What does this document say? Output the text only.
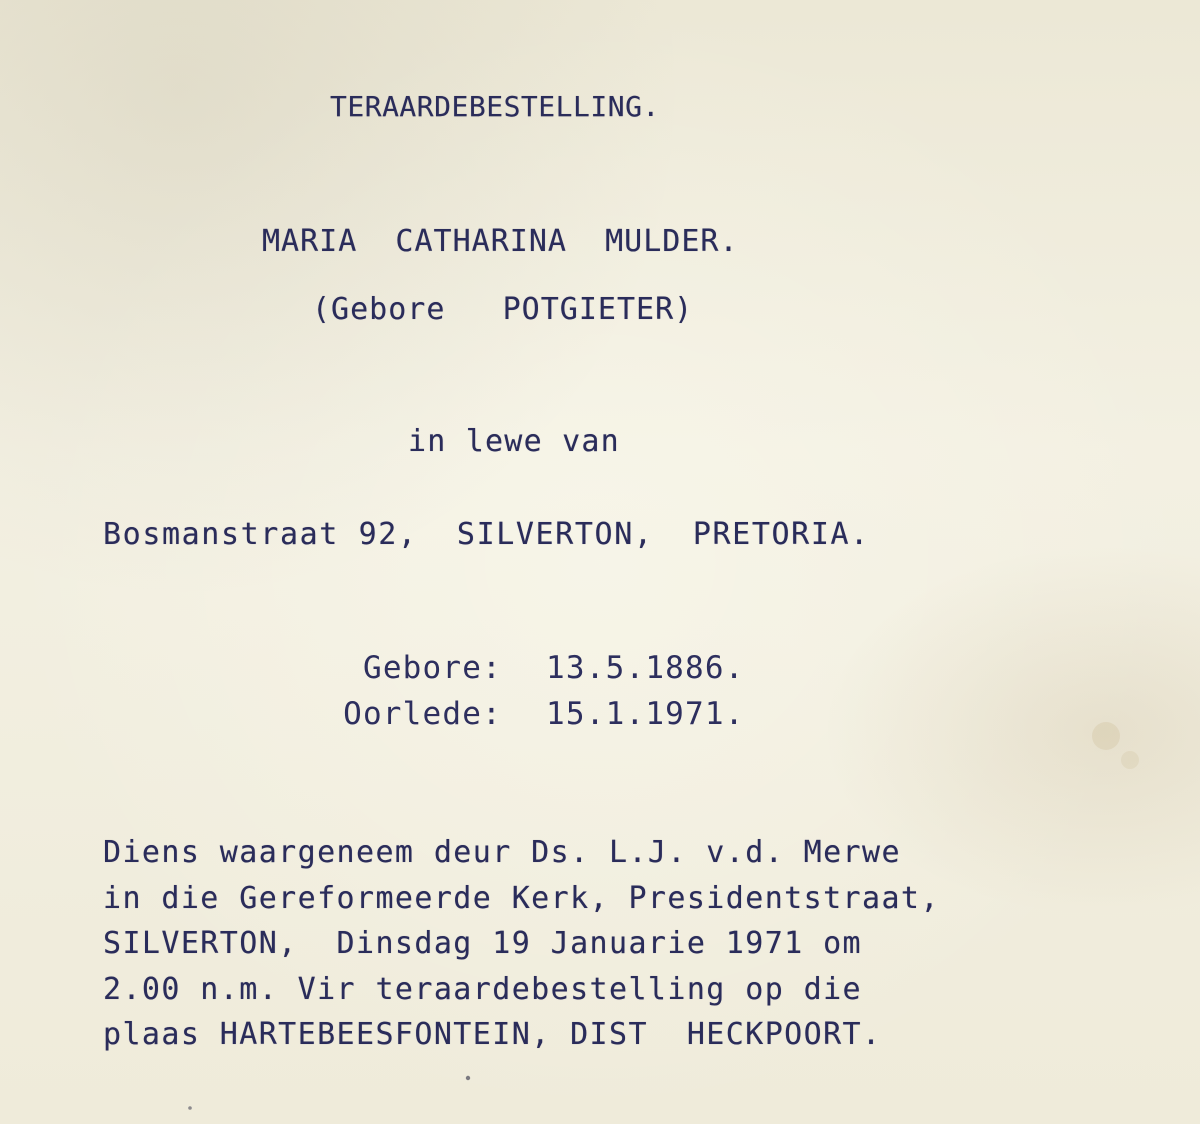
TERAARDEBESTELLING.
MARIA  CATHARINA  MULDER.
(Gebore   POTGIETER)
in lewe van
Bosmanstraat 92,  SILVERTON,  PRETORIA.
Gebore: 13.5.1886.
Oorlede: 15.1.1971.
Diens waargeneem deur Ds. L.J. v.d. Merwe
in die Gereformeerde Kerk, Presidentstraat,
SILVERTON,  Dinsdag 19 Januarie 1971 om
2.00 n.m. Vir teraardebestelling op die
plaas HARTEBEESFONTEIN, DIST  HECKPOORT.
